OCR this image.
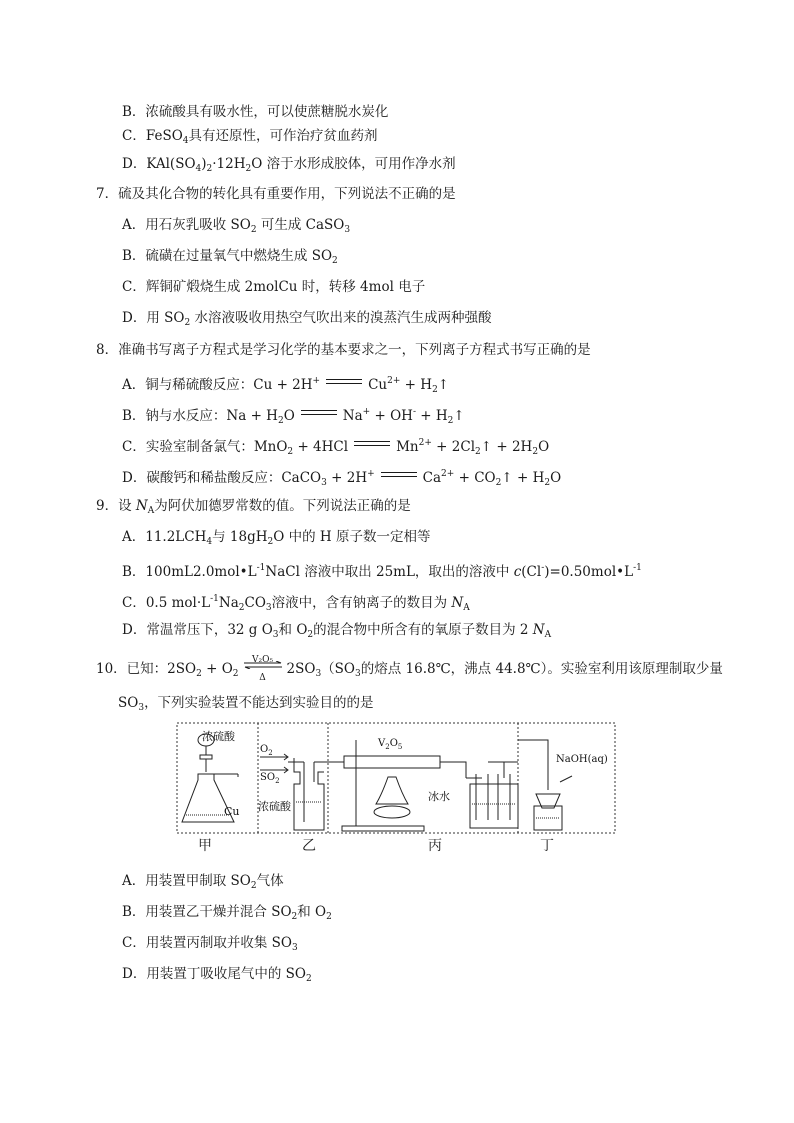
B．浓硫酸具有吸水性，可以使蔗糖脱水炭化
C．FeSO$_4$具有还原性，可作治疗贫血药剂
D．$KAl(SO_4)_2\cdot 12H_2O$ 溶于水形成胶体，可用作净水剂
7．硫及其化合物的转化具有重要作用，下列说法不正确的是
A．用石灰乳吸收 $SO_2$ 可生成 CaSO$_3$
B．硫磺在过量氧气中燃烧生成 $SO_2$
C．辉铜矿煅烧生成 2molCu 时，转移 4mol 电子
D．用 $SO_2$ 水溶液吸收用热空气吹出来的溴蒸汽生成两种强酸
8．准确书写离子方程式是学习化学的基本要求之一，下列离子方程式书写正确的是
A．铜与稀硫酸反应：Cu + 2H+	$Cu^{2+}$ + $H_2↑$
B．钠与水反应：$Na + H_2O$	$Na^+ + OH^- + H_2↑$
C．实验室制备氯气：MnO$_2$ + 4HCl	$Mn^{2+}$ + $2Cl_2↑ + 2H_2O$
D．碳酸钙和稀盐酸反应：CaCO$_3$ + 2H+	$Ca^{2+}$ + $CO_2↑ + H_2O$
9．设 $N_A$为阿伏加德罗常数的值。下列说法正确的是
A．$11.2LCH_4$与 $18gH_2O$ 中的 H 原子数一定相等
B．$100mL2.0mol•L^{-1}NaCl$ 溶液中取出 25mL，取出的溶液中 $c(Cl^-)=0.50mol•L^{-1}$
C．0.5 $mol\cdot L^{-1}Na_2CO_3$溶液中，含有钠离子的数目为 $N_A$
D．常温常压下，32 g $O_3$和 $O_2$的混合物中所含有的氧原子数目为 2 $N_A$
10．已知：$2SO_2 + O_2$
V₂O₅
Δ
$2SO_3(SO_3$的熔点 16.8℃，沸点 44.8℃）。实验室利用该原理制取少量
$SO_3$，下列实验装置不能达到实验目的的是
浓硫酸
Cu
$O_2$
$SO_2$
浓硫酸
$V_2O_5$
冰水
NaOH(aq)
甲	乙	丙	丁
A．用装置甲制取 $SO_2$气体
B．用装置乙干燥并混合 $SO_2$和 $O_2$
C．用装置丙制取并收集 $SO_3$
D．用装置丁吸收尾气中的 $SO_2$
